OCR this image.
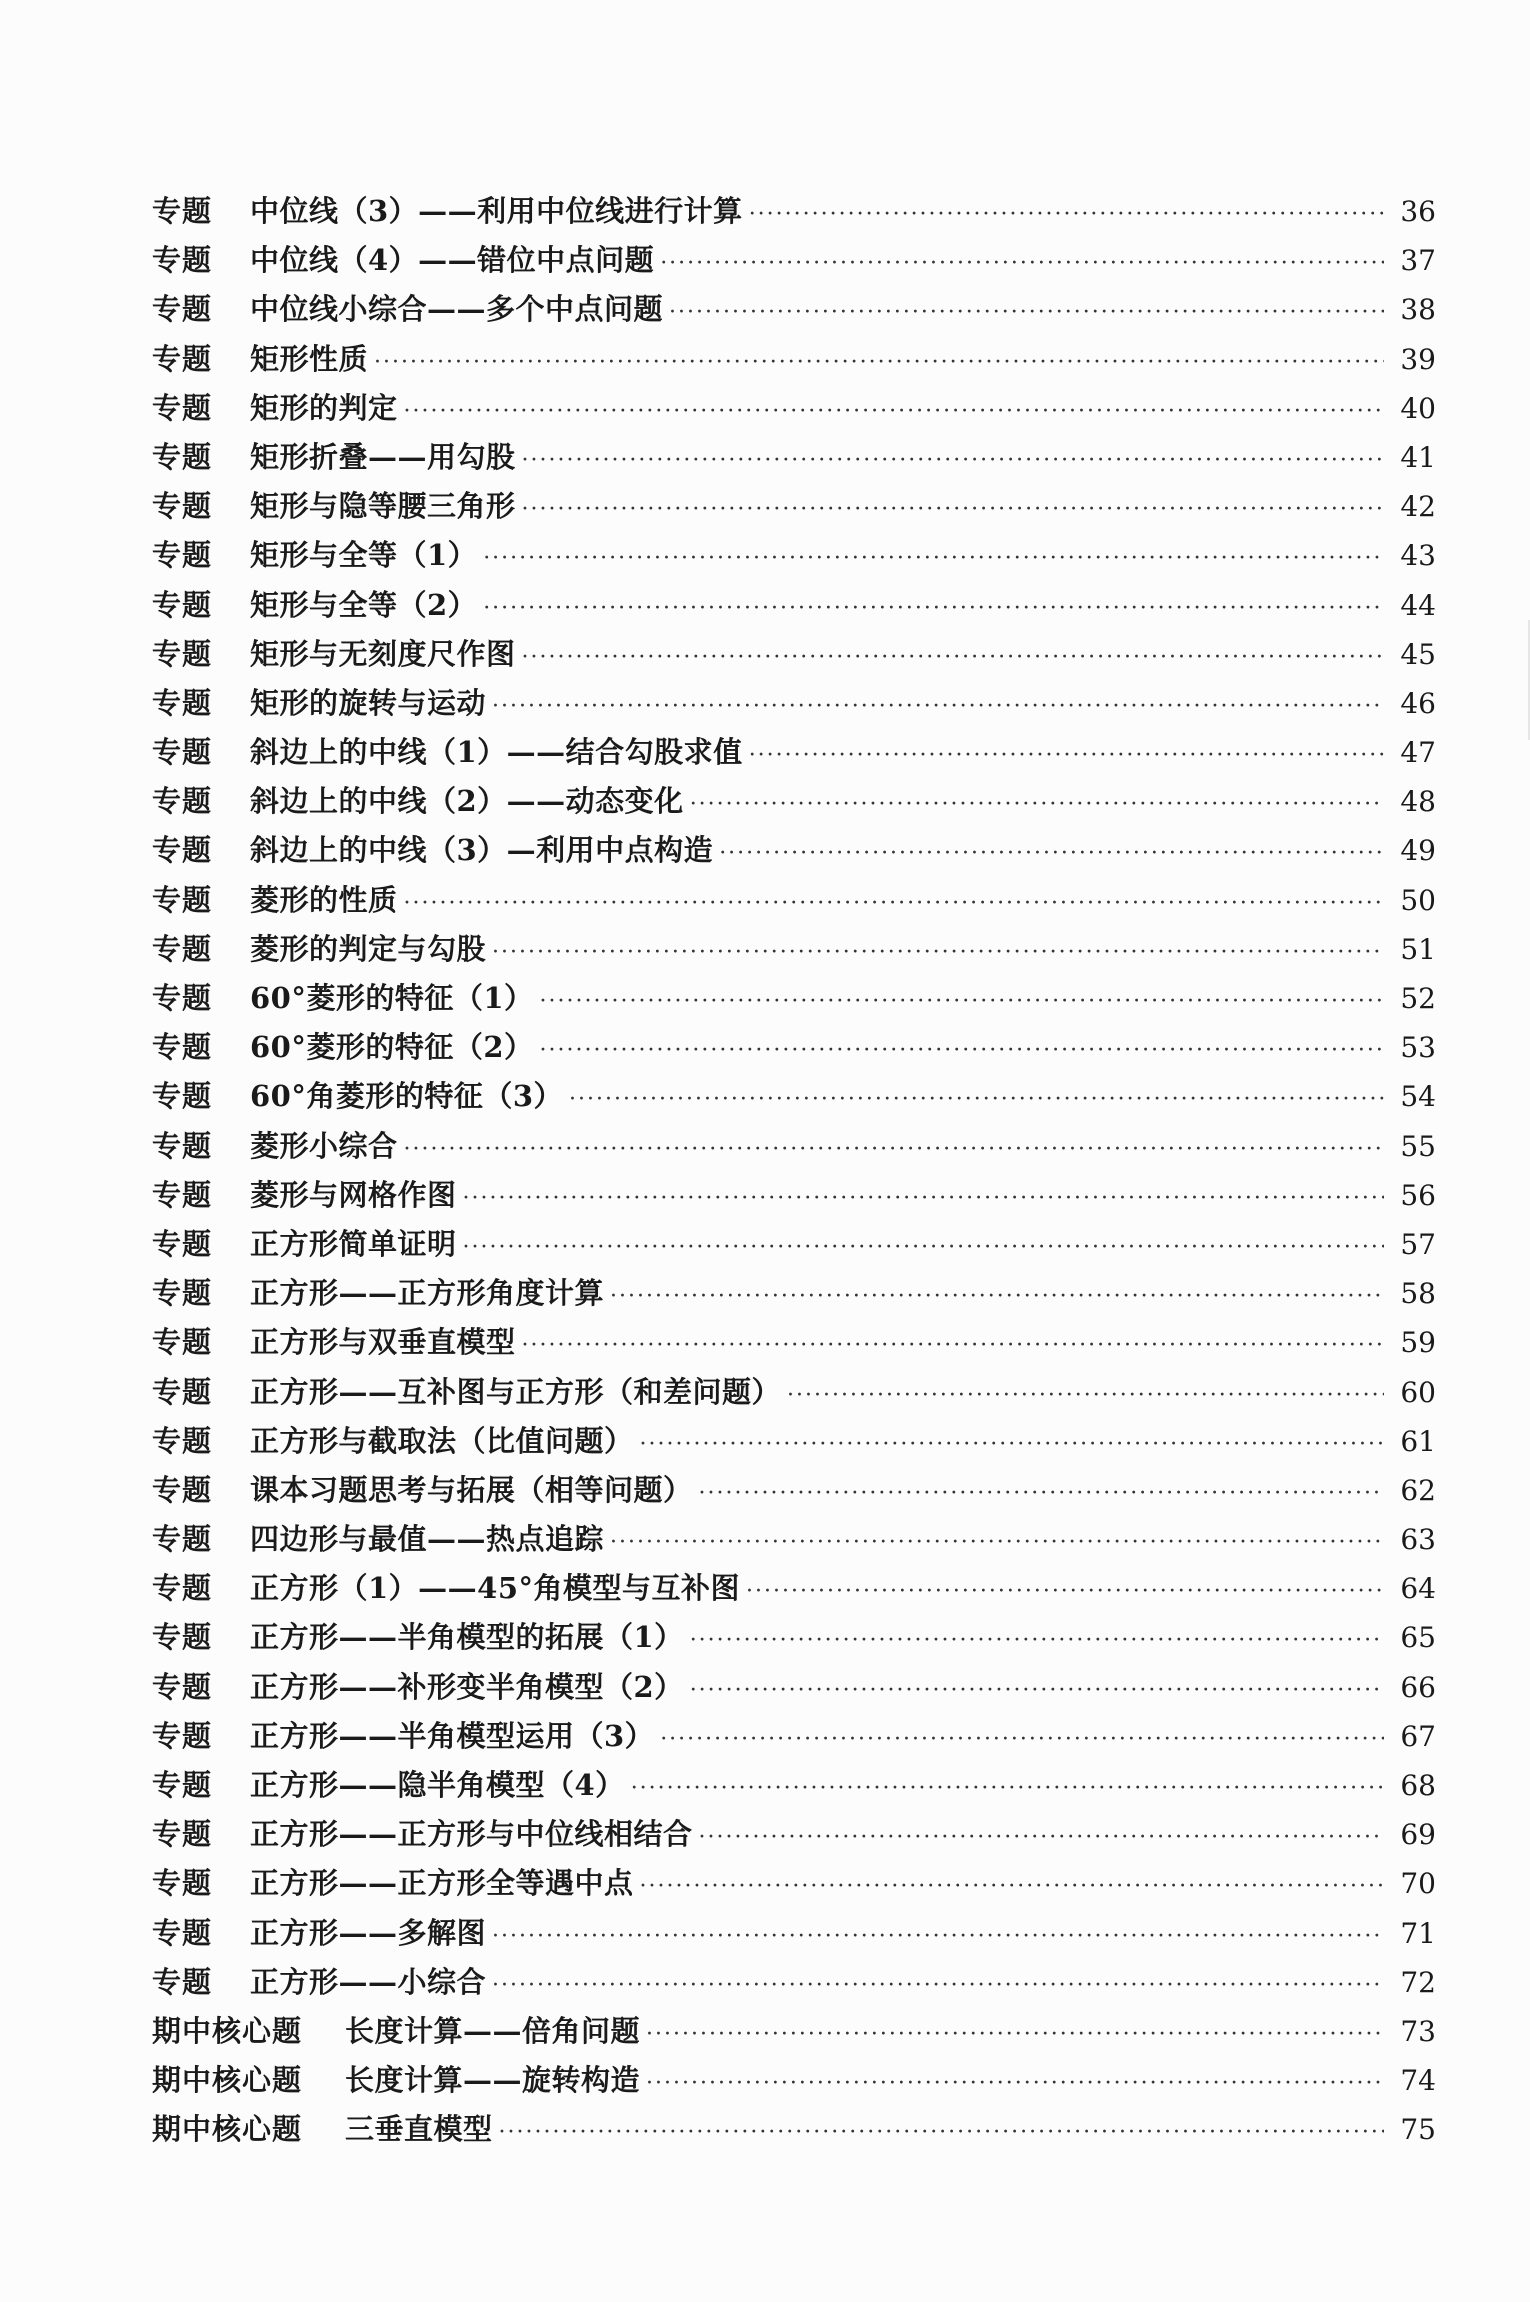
专题	中位线（3）——利用中位线进行计算 ·····	36
专题	中位线（4）——错位中点问题 ·····	37
专题	中位线小综合——多个中点问题 ·····	38
专题	矩形性质 ·····	39
专题	矩形的判定 ·····	40
专题	矩形折叠——用勾股 ·····	41
专题	矩形与隐等腰三角形 ·····	42
专题	矩形与全等（1） ·····	43
专题	矩形与全等（2） ·····	44
专题	矩形与无刻度尺作图 ·····	45
专题	矩形的旋转与运动 ·····	46
专题	斜边上的中线（1）——结合勾股求值 ·····	47
专题	斜边上的中线（2）——动态变化 ·····	48
专题	斜边上的中线（3）—利用中点构造 ·····	49
专题	菱形的性质 ·····	50
专题	菱形的判定与勾股 ·····	51
专题	60°菱形的特征（1） ·····	52
专题	60°菱形的特征（2） ·····	53
专题	60°角菱形的特征（3） ·····	54
专题	菱形小综合 ·····	55
专题	菱形与网格作图 ·····	56
专题	正方形简单证明 ·····	57
专题	正方形——正方形角度计算 ·····	58
专题	正方形与双垂直模型 ·····	59
专题	正方形——互补图与正方形（和差问题） ·····	60
专题	正方形与截取法（比值问题） ·····	61
专题	课本习题思考与拓展（相等问题） ·····	62
专题	四边形与最值——热点追踪 ·····	63
专题	正方形（1）——45°角模型与互补图 ·····	64
专题	正方形——半角模型的拓展（1） ·····	65
专题	正方形——补形变半角模型（2） ·····	66
专题	正方形——半角模型运用（3） ·····	67
专题	正方形——隐半角模型（4） ·····	68
专题	正方形——正方形与中位线相结合 ·····	69
专题	正方形——正方形全等遇中点 ·····	70
专题	正方形——多解图 ·····	71
专题	正方形——小综合 ·····	72
期中核心题	长度计算——倍角问题 ·····	73
期中核心题	长度计算——旋转构造 ·····	74
期中核心题	三垂直模型 ·····	75
